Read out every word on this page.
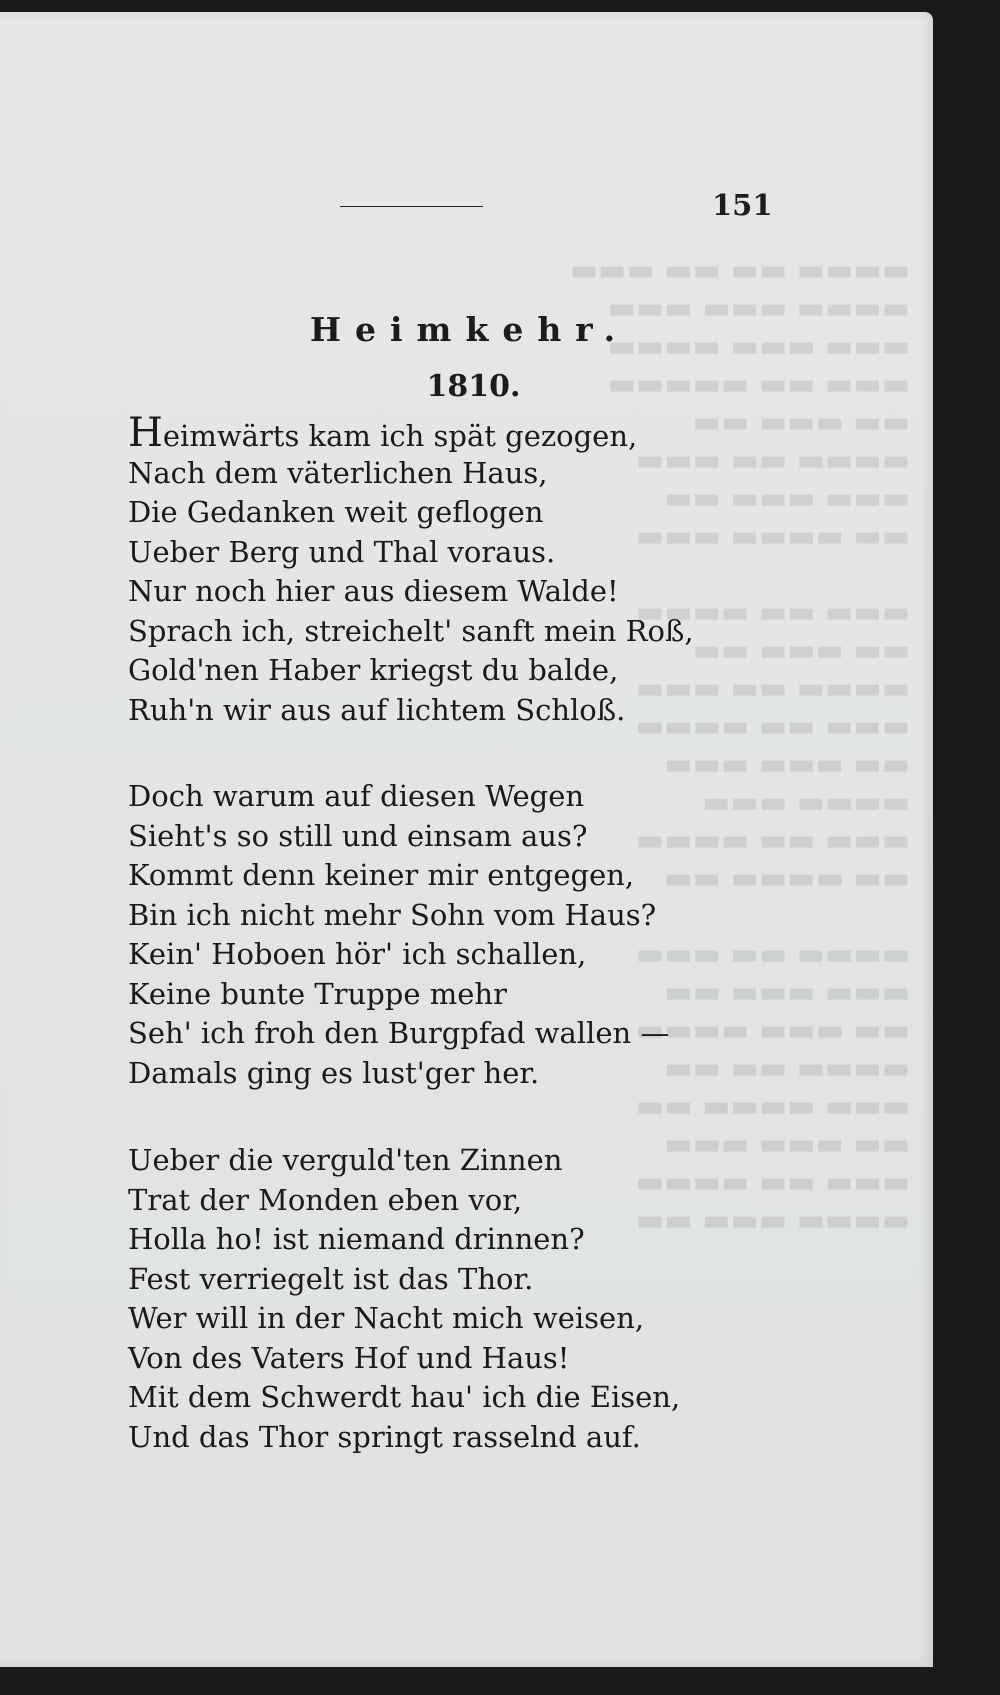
▬▬▬▬ ▬▬ ▬▬ ▬▬▬
▬▬▬▬ ▬▬▬ ▬▬▬
▬▬▬ ▬▬▬ ▬▬▬▬
▬▬▬ ▬▬ ▬▬▬▬▬
▬▬ ▬▬▬ ▬▬
▬▬▬▬ ▬▬ ▬▬▬
▬▬▬ ▬▬▬ ▬▬
▬▬ ▬▬▬▬ ▬▬▬

▬▬▬ ▬▬ ▬▬▬▬
▬▬ ▬▬▬ ▬▬
▬▬▬▬ ▬▬ ▬▬▬
▬▬▬ ▬▬ ▬▬▬▬
▬▬ ▬▬▬ ▬▬▬
▬▬▬▬ ▬▬▬
▬▬▬ ▬▬ ▬▬▬▬
▬▬ ▬▬▬▬ ▬▬

▬▬▬▬ ▬▬ ▬▬▬
▬▬▬ ▬▬▬ ▬▬
▬▬ ▬▬▬ ▬▬▬▬
▬▬▬▬ ▬▬ ▬▬
▬▬▬ ▬▬▬▬ ▬▬
▬▬ ▬▬▬ ▬▬▬
▬▬▬ ▬▬ ▬▬▬▬
▬▬▬▬ ▬▬▬ ▬▬
151
Heimkehr.
1810.
Heimwärts kam ich spät gezogen,
Nach dem väterlichen Haus,
Die Gedanken weit geflogen
Ueber Berg und Thal voraus.
Nur noch hier aus diesem Walde!
Sprach ich, streichelt' sanft mein Roß,
Gold'nen Haber kriegst du balde,
Ruh'n wir aus auf lichtem Schloß.
Doch warum auf diesen Wegen
Sieht's so still und einsam aus?
Kommt denn keiner mir entgegen,
Bin ich nicht mehr Sohn vom Haus?
Kein' Hoboen hör' ich schallen,
Keine bunte Truppe mehr
Seh' ich froh den Burgpfad wallen —
Damals ging es lust'ger her.
Ueber die verguld'ten Zinnen
Trat der Monden eben vor,
Holla ho! ist niemand drinnen?
Fest verriegelt ist das Thor.
Wer will in der Nacht mich weisen,
Von des Vaters Hof und Haus!
Mit dem Schwerdt hau' ich die Eisen,
Und das Thor springt rasselnd auf.
